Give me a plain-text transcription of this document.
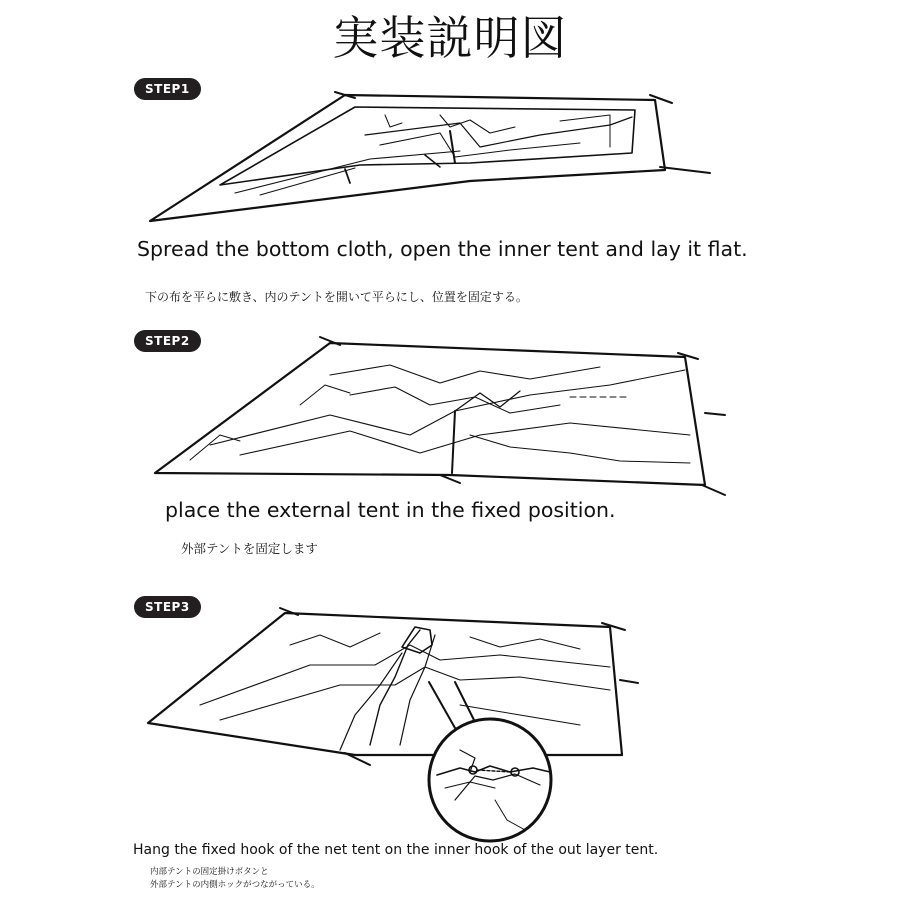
実装説明図
STEP1
Spread the bottom cloth, open the inner tent and lay it flat.
下の布を平らに敷き、内のテントを開いて平らにし、位置を固定する。
STEP2
place the external tent in the fixed position.
外部テントを固定します
STEP3
Hang the fixed hook of the net tent on the inner hook of the out layer tent.
内部テントの固定掛けボタンと
外部テントの内側ホックがつながっている。
